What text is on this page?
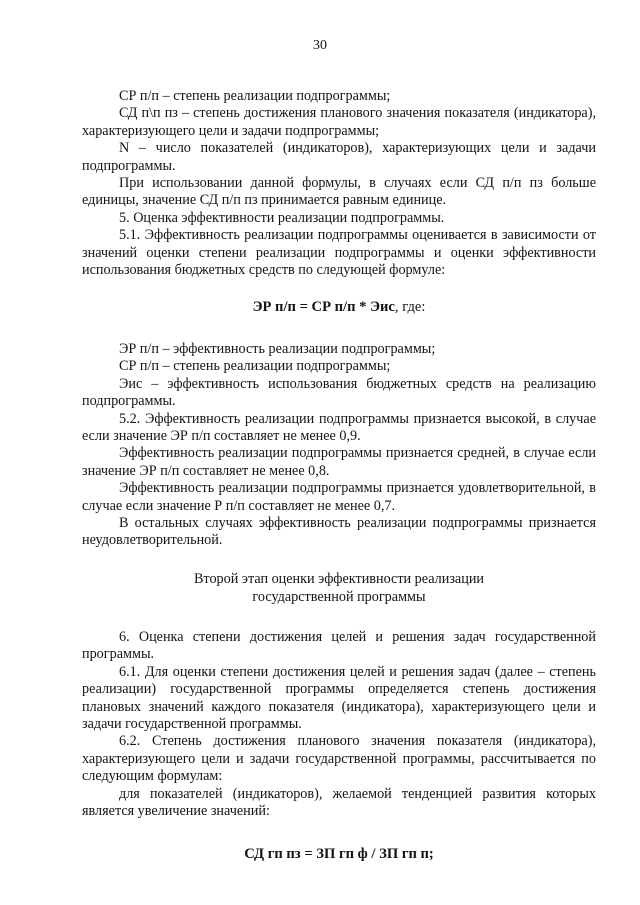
30

СР п/п – степень реализации подпрограммы;

СД п\п пз – степень достижения планового значения показателя (индикатора), характеризующего цели и задачи подпрограммы;

N – число показателей (индикаторов), характеризующих цели и задачи подпрограммы.

При использовании данной формулы, в случаях если СД п/п пз больше единицы, значение СД п/п пз принимается равным единице.

5. Оценка эффективности реализации подпрограммы.

5.1. Эффективность реализации подпрограммы оценивается в зависимости от значений оценки степени реализации подпрограммы и оценки эффективности использования бюджетных средств по следующей формуле:

ЭР п/п = СР п/п * Эис, где:

ЭР п/п – эффективность реализации подпрограммы;

СР п/п – степень реализации подпрограммы;

Эис – эффективность использования бюджетных средств на реализацию подпрограммы.

5.2. Эффективность реализации подпрограммы признается высокой, в случае если значение ЭР п/п составляет не менее 0,9.

Эффективность реализации подпрограммы признается средней, в случае если значение ЭР п/п составляет не менее 0,8.

Эффективность реализации подпрограммы признается удовлетворительной, в случае если значение Р п/п составляет не менее 0,7.

В остальных случаях эффективность реализации подпрограммы признается неудовлетворительной.

Второй этап оценки эффективности реализации
государственной программы

6. Оценка степени достижения целей и решения задач государственной программы.

6.1. Для оценки степени достижения целей и решения задач (далее – степень реализации) государственной программы определяется степень достижения плановых значений каждого показателя (индикатора), характеризующего цели и задачи государственной программы.

6.2. Степень достижения планового значения показателя (индикатора), характеризующего цели и задачи государственной программы, рассчитывается по следующим формулам:

для показателей (индикаторов), желаемой тенденцией развития которых является увеличение значений:

СД гп пз = ЗП гп ф / ЗП гп п;
